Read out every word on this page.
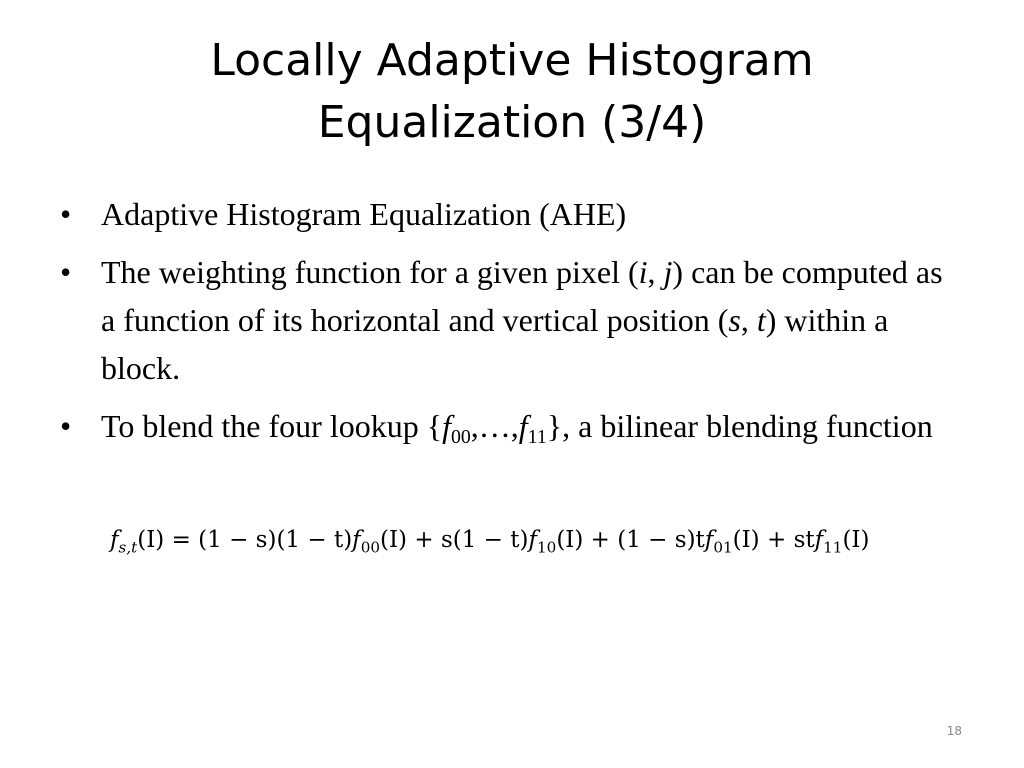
Locally Adaptive Histogram
Equalization (3/4)
• Adaptive Histogram Equalization (AHE)
• The weighting function for a given pixel (i, j) can be computed as a function of its horizontal and vertical position (s, t) within a block.
• To blend the four lookup $\{f_{00},\dots,f_{11}\}$, a bilinear blending function
$f_{s,t}(I) = (1 - s)(1 - t)f_{00}(I) + s(1 - t)f_{10}(I) + (1 - s)tf_{01}(I) + stf_{11}(I)$
18
